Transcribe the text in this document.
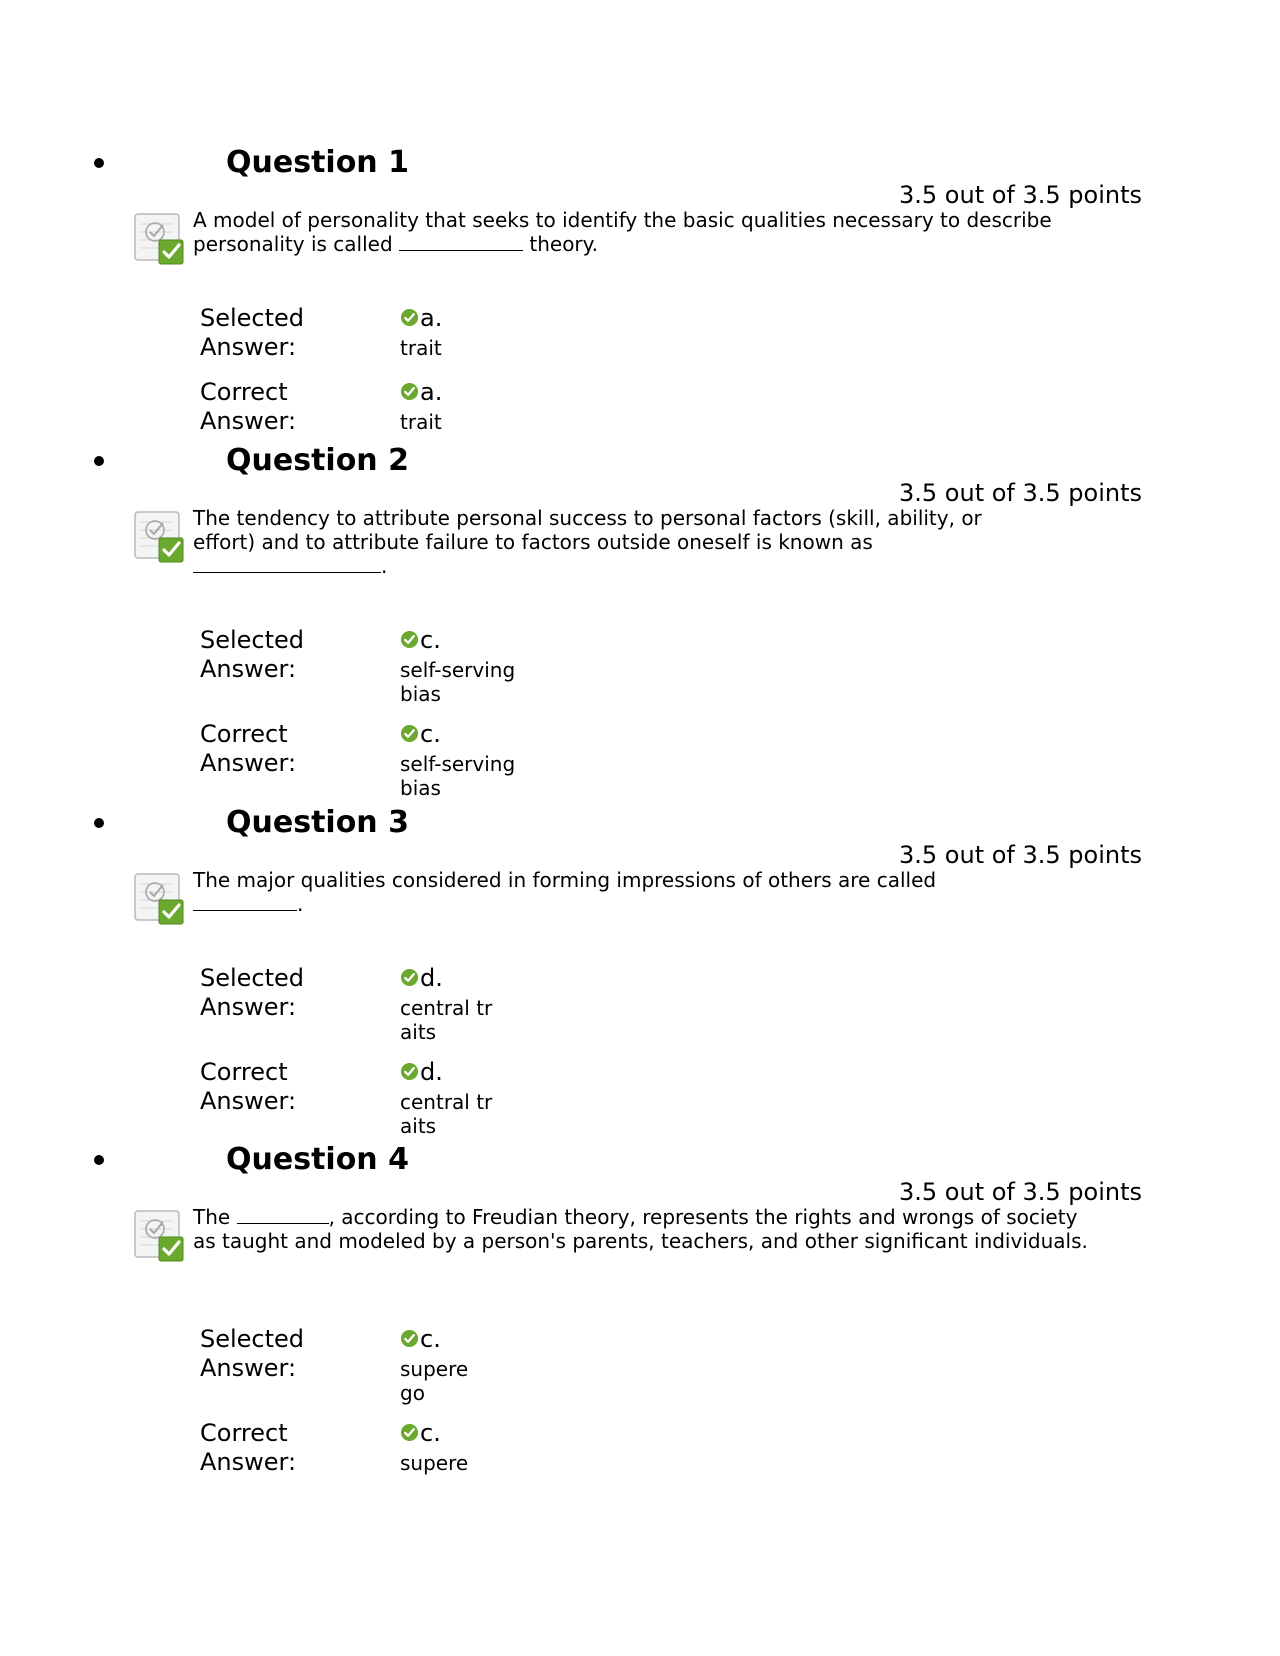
Question 1
3.5 out of 3.5 points
A model of personality that seeks to identify the basic qualities necessary to describe personality is called	theory.
Selected
Answer:
a.
trait
Correct
Answer:
a.
trait
Question 2
3.5 out of 3.5 points
The tendency to attribute personal success to personal factors (skill, ability, or effort) and to attribute failure to factors outside oneself is known as .
Selected
Answer:
c.
self-serving bias
Correct
Answer:
c.
self-serving bias
Question 3
3.5 out of 3.5 points
The major qualities considered in forming impressions of others are called .
Selected
Answer:
d.
central traits
Correct
Answer:
d.
central traits
Question 4
3.5 out of 3.5 points
The	, according to Freudian theory, represents the rights and wrongs of society as taught and modeled by a person's parents, teachers, and other significant individuals.
Selected
Answer:
c.
superego
Correct
Answer:
c.
supere
